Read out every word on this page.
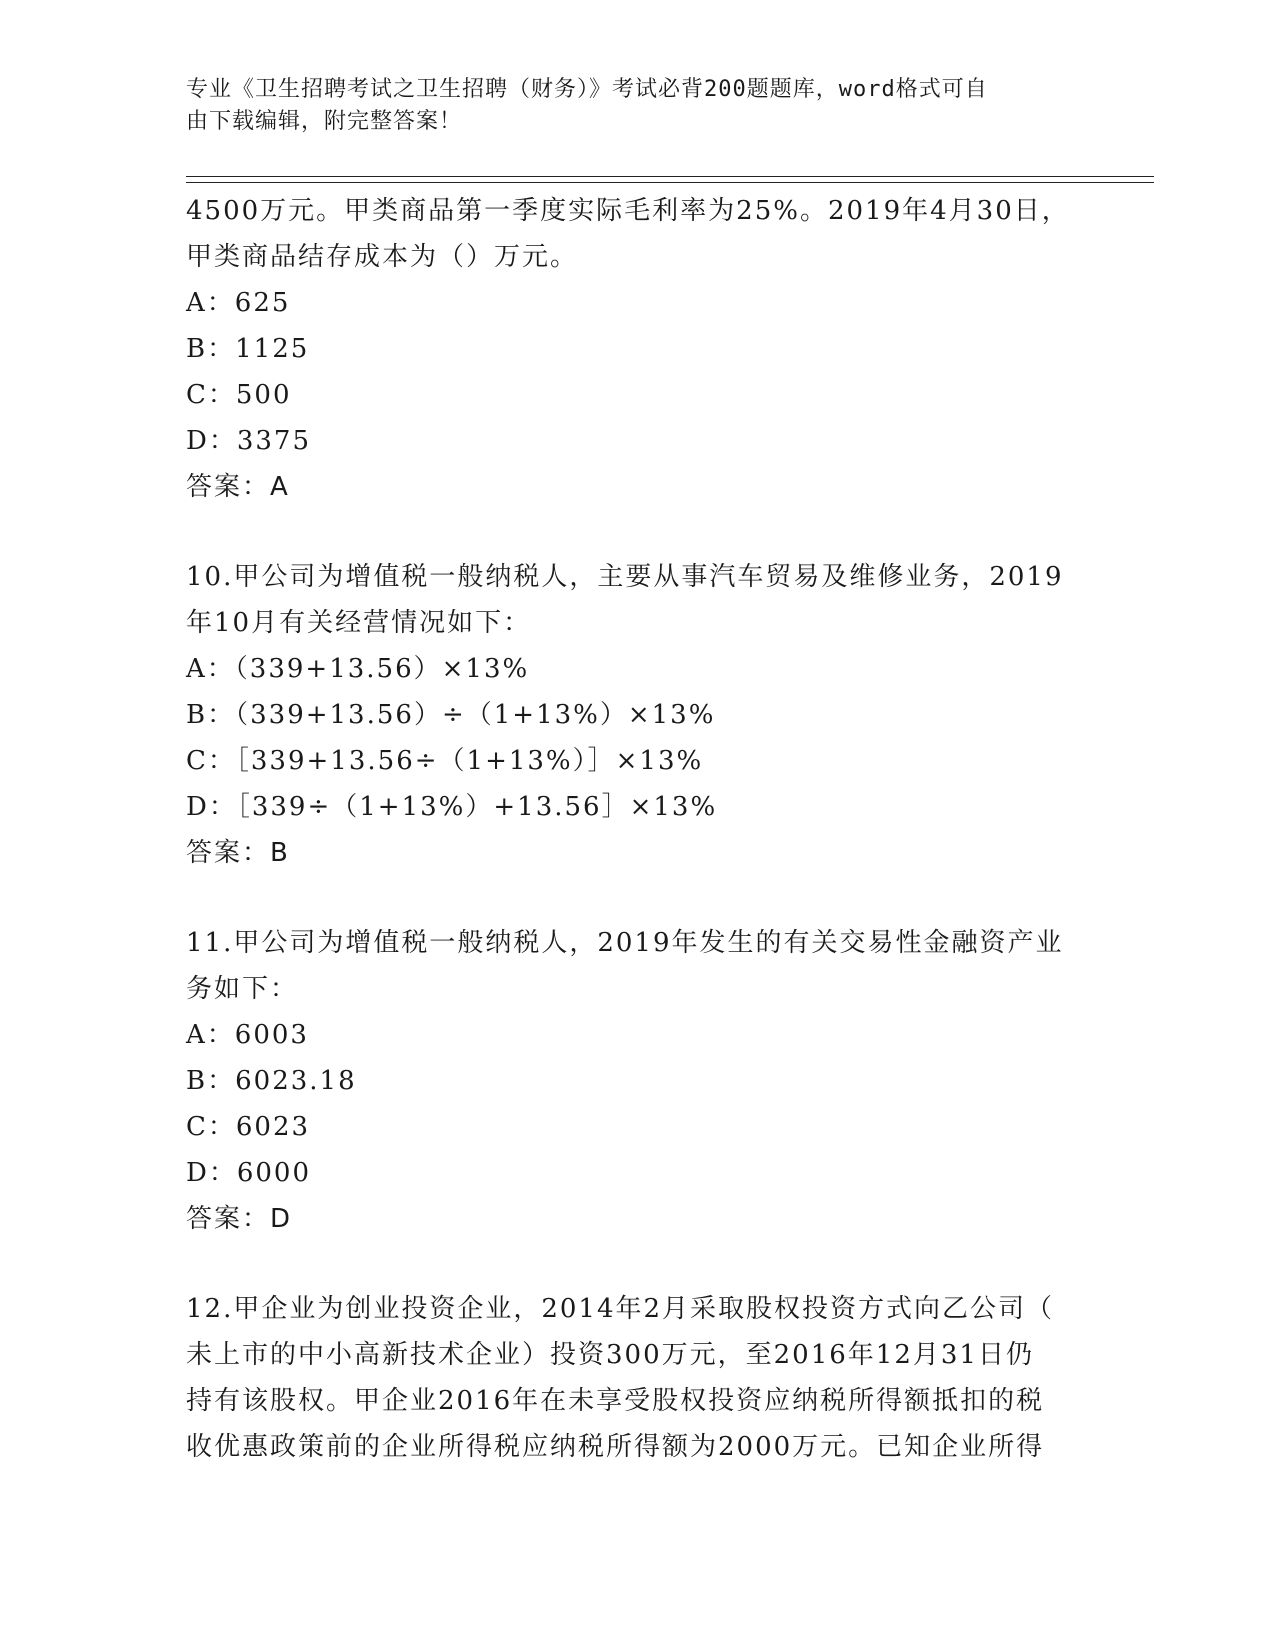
专业《卫生招聘考试之卫生招聘（财务）》考试必背200题题库，word格式可自
由下载编辑，附完整答案！

4500万元。甲类商品第一季度实际毛利率为25%。2019年4月30日，

甲类商品结存成本为（）万元。

A：625

B：1125

C：500

D：3375

答案：A

10.甲公司为增值税一般纳税人，主要从事汽车贸易及维修业务，2019

年10月有关经营情况如下：

A：（339+13.56）×13%

B：（339+13.56）÷（1+13%）×13%

C：［339+13.56÷（1+13%）］×13%

D：［339÷（1+13%）+13.56］×13%

答案：B

11.甲公司为增值税一般纳税人，2019年发生的有关交易性金融资产业

务如下：

A：6003

B：6023.18

C：6023

D：6000

答案：D

12.甲企业为创业投资企业，2014年2月采取股权投资方式向乙公司（

未上市的中小高新技术企业）投资300万元，至2016年12月31日仍

持有该股权。甲企业2016年在未享受股权投资应纳税所得额抵扣的税

收优惠政策前的企业所得税应纳税所得额为2000万元。已知企业所得
